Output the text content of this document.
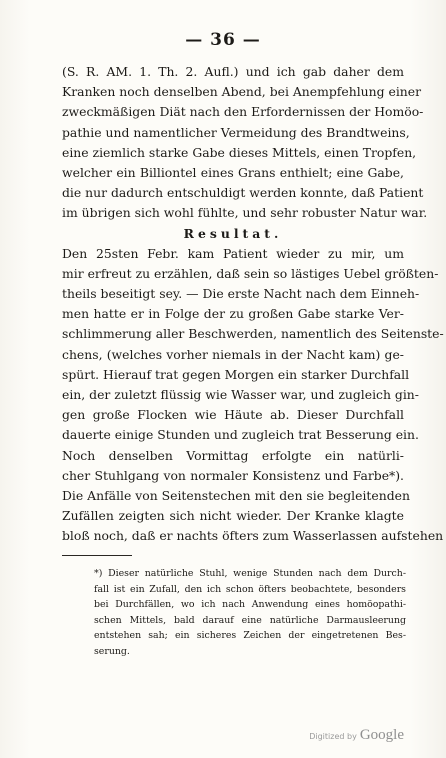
— 36 —
(S. R. AM. 1. Th. 2. Aufl.) und ich gab daher dem
Kranken noch denselben Abend, bei Anempfehlung einer
zweckmäßigen Diät nach den Erfordernissen der Homöo-
pathie und namentlicher Vermeidung des Brandtweins,
eine ziemlich starke Gabe dieses Mittels, einen Tropfen,
welcher ein Billiontel eines Grans enthielt; eine Gabe,
die nur dadurch entschuldigt werden konnte, daß Patient
im übrigen sich wohl fühlte, und sehr robuster Natur war.
Resultat.
Den 25sten Febr. kam Patient wieder zu mir, um
mir erfreut zu erzählen, daß sein so lästiges Uebel größten-
theils beseitigt sey. — Die erste Nacht nach dem Einneh-
men hatte er in Folge der zu großen Gabe starke Ver-
schlimmerung aller Beschwerden, namentlich des Seitenste-
chens, (welches vorher niemals in der Nacht kam) ge-
spürt. Hierauf trat gegen Morgen ein starker Durchfall
ein, der zuletzt flüssig wie Wasser war, und zugleich gin-
gen große Flocken wie Häute ab. Dieser Durchfall
dauerte einige Stunden und zugleich trat Besserung ein.
Noch denselben Vormittag erfolgte ein natürli-
cher Stuhlgang von normaler Konsistenz und Farbe*).
Die Anfälle von Seitenstechen mit den sie begleitenden
Zufällen zeigten sich nicht wieder. Der Kranke klagte
bloß noch, daß er nachts öfters zum Wasserlassen aufstehen
*) Dieser natürliche Stuhl, wenige Stunden nach dem Durch-
fall ist ein Zufall, den ich schon öfters beobachtete, besonders
bei Durchfällen, wo ich nach Anwendung eines homöopathi-
schen Mittels, bald darauf eine natürliche Darmausleerung
entstehen sah; ein sicheres Zeichen der eingetretenen Bes-
serung.
Digitized by Google
